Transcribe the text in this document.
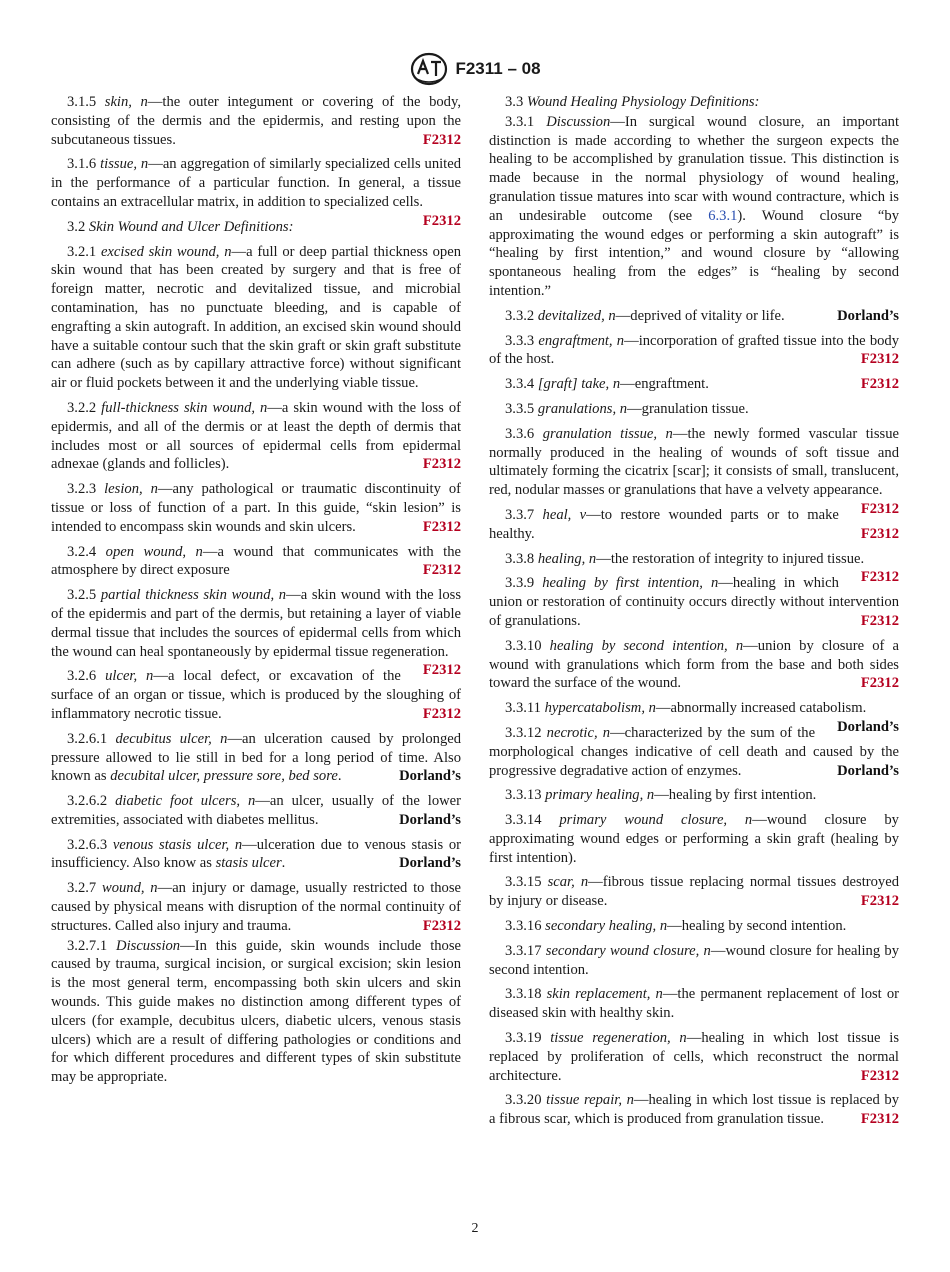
F2311 – 08

3.1.5 skin, n—the outer integument or covering of the body, consisting of the dermis and the epidermis, and resting upon the subcutaneous tissues.	F2312

3.1.6 tissue, n—an aggregation of similarly specialized cells united in the performance of a particular function. In general, a tissue contains an extracellular matrix, in addition to specialized cells.
F2312

3.2 Skin Wound and Ulcer Definitions:

3.2.1 excised skin wound, n—a full or deep partial thickness open skin wound that has been created by surgery and that is free of foreign matter, necrotic and devitalized tissue, and microbial contamination, has no punctuate bleeding, and is capable of engrafting a skin autograft. In addition, an excised skin wound should have a suitable contour such that the skin graft or skin graft substitute can adhere (such as by capillary attractive force) without significant air or fluid pockets between it and the underlying viable tissue.

3.2.2 full-thickness skin wound, n—a skin wound with the loss of epidermis, and all of the dermis or at least the depth of dermis that includes most or all sources of epidermal cells from epidermal adnexae (glands and follicles).	F2312

3.2.3 lesion, n—any pathological or traumatic discontinuity of tissue or loss of function of a part. In this guide, “skin lesion” is intended to encompass skin wounds and skin ulcers.	F2312

3.2.4 open wound, n—a wound that communicates with the atmosphere by direct exposure	F2312

3.2.5 partial thickness skin wound, n—a skin wound with the loss of the epidermis and part of the dermis, but retaining a layer of viable dermal tissue that includes the sources of epidermal cells from which the wound can heal spontaneously by epidermal tissue regeneration.
F2312

3.2.6 ulcer, n—a local defect, or excavation of the surface of an organ or tissue, which is produced by the sloughing of inflammatory necrotic tissue.	F2312

3.2.6.1 decubitus ulcer, n—an ulceration caused by prolonged pressure allowed to lie still in bed for a long period of time. Also known as decubital ulcer, pressure sore, bed sore.	Dorland’s

3.2.6.2 diabetic foot ulcers, n—an ulcer, usually of the lower extremities, associated with diabetes mellitus.	Dorland’s

3.2.6.3 venous stasis ulcer, n—ulceration due to venous stasis or insufficiency. Also know as stasis ulcer.	Dorland’s

3.2.7 wound, n—an injury or damage, usually restricted to those caused by physical means with disruption of the normal continuity of structures. Called also injury and trauma.	F2312

3.2.7.1 Discussion—In this guide, skin wounds include those caused by trauma, surgical incision, or surgical excision; skin lesion is the most general term, encompassing both skin ulcers and skin wounds. This guide makes no distinction among different types of ulcers (for example, decubitus ulcers, diabetic ulcers, venous stasis ulcers) which are a result of differing pathologies or conditions and for which different procedures and different types of skin substitute may be appropriate.

3.3 Wound Healing Physiology Definitions:

3.3.1 Discussion—In surgical wound closure, an important distinction is made according to whether the surgeon expects the healing to be accomplished by granulation tissue. This distinction is made because in the normal physiology of wound healing, granulation tissue matures into scar with wound contracture, which is an undesirable outcome (see 6.3.1). Wound closure “by approximating the wound edges or performing a skin autograft” is “healing by first intention,” and wound closure by “allowing spontaneous healing from the edges” is “healing by second intention.”

3.3.2 devitalized, n—deprived of vitality or life.	Dorland’s

3.3.3 engraftment, n—incorporation of grafted tissue into the body of the host.	F2312

3.3.4 [graft] take, n—engraftment.	F2312

3.3.5 granulations, n—granulation tissue.

3.3.6 granulation tissue, n—the newly formed vascular tissue normally produced in the healing of wounds of soft tissue and ultimately forming the cicatrix [scar]; it consists of small, translucent, red, nodular masses or granulations that have a velvety appearance.
F2312

3.3.7 heal, v—to restore wounded parts or to make healthy.	F2312

3.3.8 healing, n—the restoration of integrity to injured tissue.
F2312

3.3.9 healing by first intention, n—healing in which union or restoration of continuity occurs directly without intervention of granulations.	F2312

3.3.10 healing by second intention, n—union by closure of a wound with granulations which form from the base and both sides toward the surface of the wound.	F2312

3.3.11 hypercatabolism, n—abnormally increased catabolism.
Dorland’s

3.3.12 necrotic, n—characterized by the sum of the morphological changes indicative of cell death and caused by the progressive degradative action of enzymes.	Dorland’s

3.3.13 primary healing, n—healing by first intention.

3.3.14 primary wound closure, n—wound closure by approximating wound edges or performing a skin graft (healing by first intention).

3.3.15 scar, n—fibrous tissue replacing normal tissues destroyed by injury or disease.	F2312

3.3.16 secondary healing, n—healing by second intention.

3.3.17 secondary wound closure, n—wound closure for healing by second intention.

3.3.18 skin replacement, n—the permanent replacement of lost or diseased skin with healthy skin.

3.3.19 tissue regeneration, n—healing in which lost tissue is replaced by proliferation of cells, which reconstruct the normal architecture.	F2312

3.3.20 tissue repair, n—healing in which lost tissue is replaced by a fibrous scar, which is produced from granulation tissue.	F2312

2
